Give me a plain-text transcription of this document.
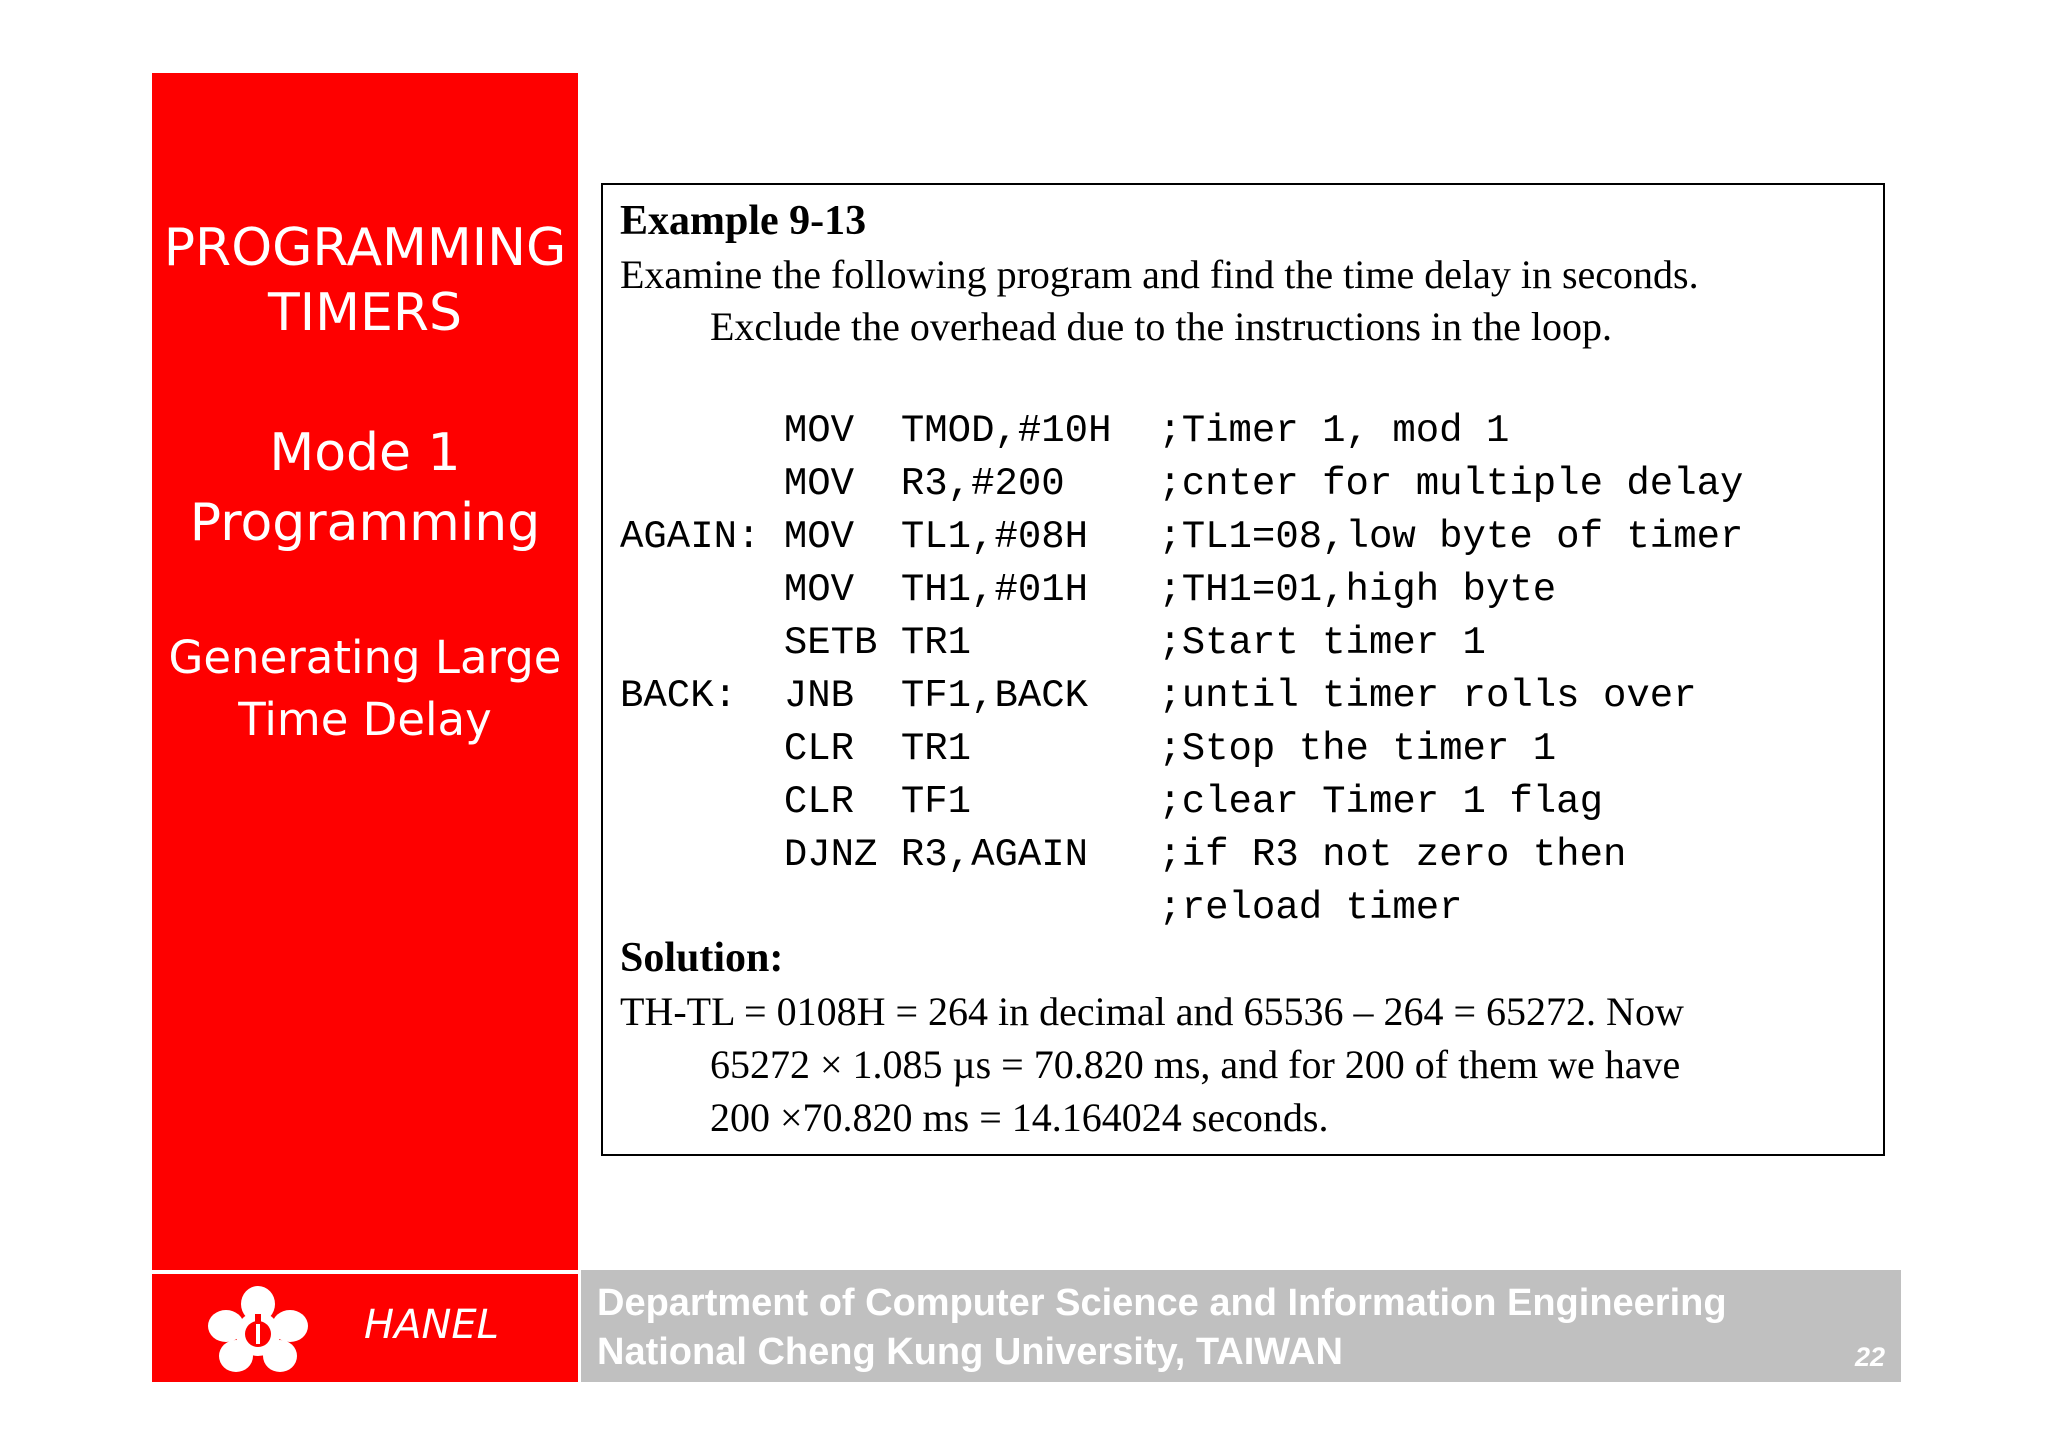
PROGRAMMING
TIMERS
Mode 1
Programming
Generating Large
Time Delay
Example 9-13
Examine the following program and find the time delay in seconds.
Exclude the overhead due to the instructions in the loop.
MOV  TMOD,#10H  ;Timer 1, mod 1
MOV  R3,#200    ;cnter for multiple delay
AGAIN: MOV  TL1,#08H   ;TL1=08,low byte of timer
MOV  TH1,#01H   ;TH1=01,high byte
SETB TR1        ;Start timer 1
BACK:  JNB  TF1,BACK   ;until timer rolls over
CLR  TR1        ;Stop the timer 1
CLR  TF1        ;clear Timer 1 flag
DJNZ R3,AGAIN   ;if R3 not zero then
;reload timer
Solution:
TH-TL = 0108H = 264 in decimal and 65536 – 264 = 65272. Now
65272 × 1.085 µs = 70.820 ms, and for 200 of them we have
200 ×70.820 ms = 14.164024 seconds.
HANEL	Department of Computer Science and Information Engineering
National Cheng Kung University, TAIWAN	22
